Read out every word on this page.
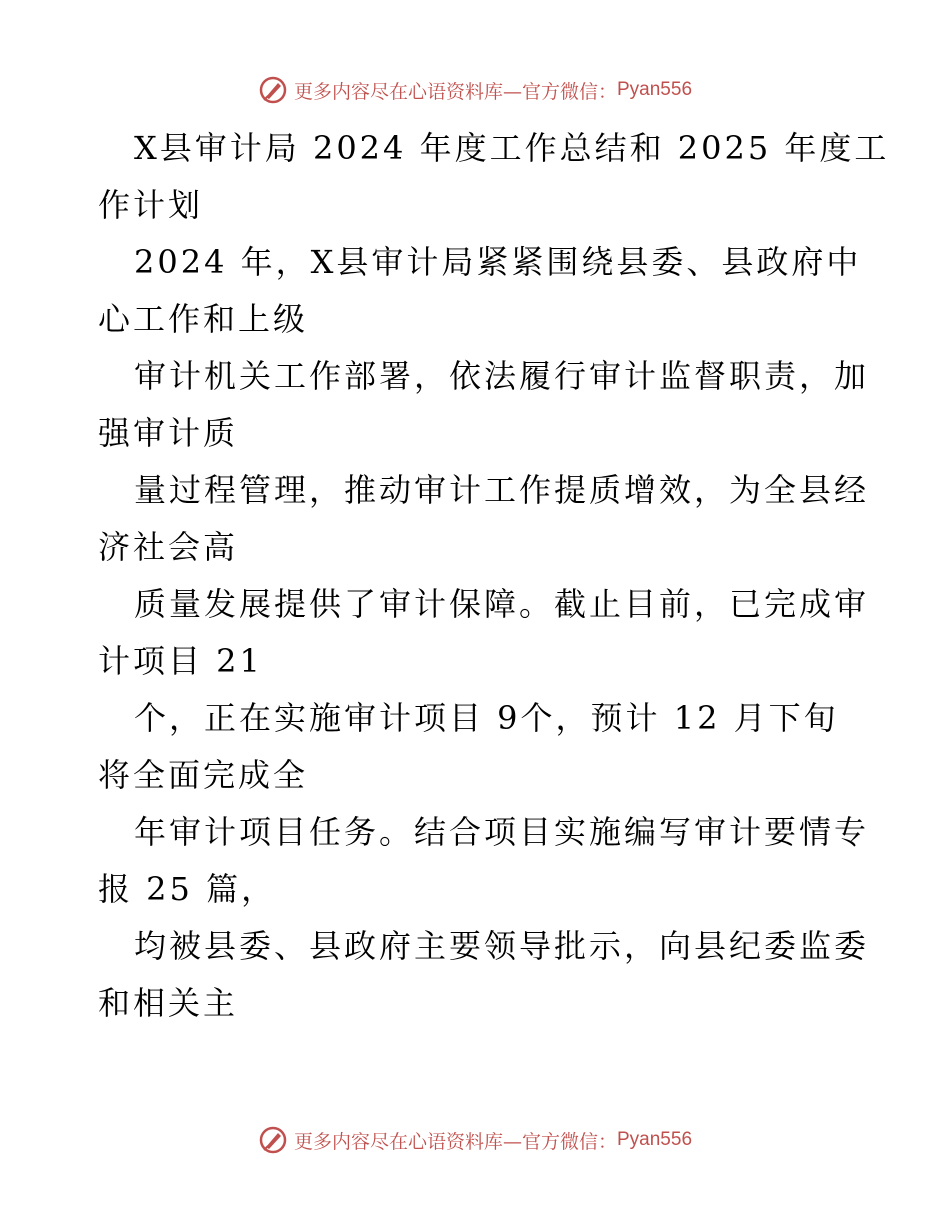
更多内容尽在心语资料库—官方微信： Pyan556
X县审计局 2024 年度工作总结和 2025 年度工
作计划
2024 年，X县审计局紧紧围绕县委、县政府中
心工作和上级
审计机关工作部署，依法履行审计监督职责，加
强审计质
量过程管理，推动审计工作提质增效，为全县经
济社会高
质量发展提供了审计保障。截止目前，已完成审
计项目 21
个，正在实施审计项目 9个，预计 12 月下旬
将全面完成全
年审计项目任务。结合项目实施编写审计要情专
报 25 篇，
均被县委、县政府主要领导批示，向县纪委监委
和相关主
更多内容尽在心语资料库—官方微信： Pyan556
